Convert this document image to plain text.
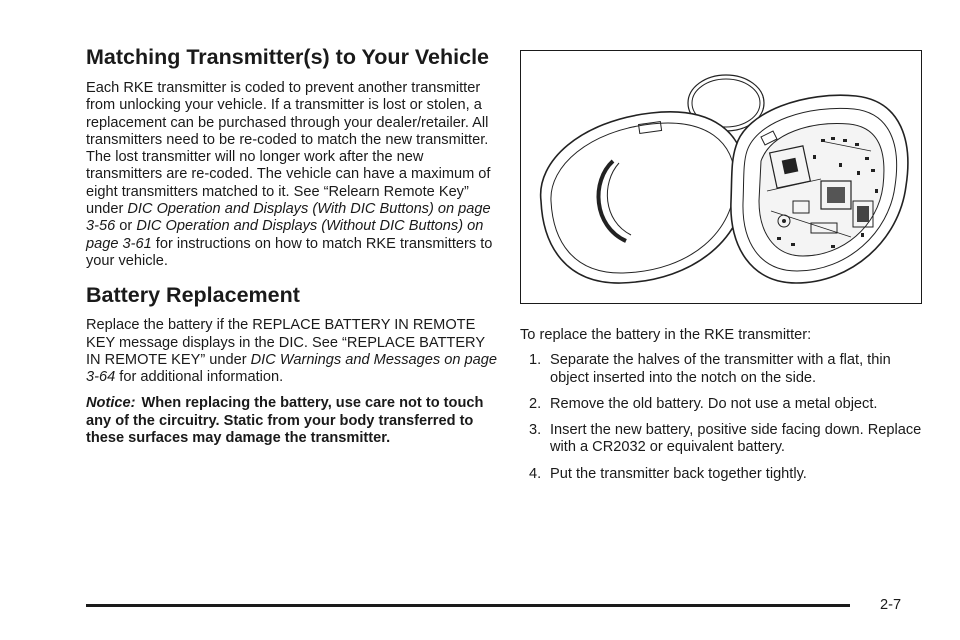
Matching Transmitter(s) to Your Vehicle

Each RKE transmitter is coded to prevent another transmitter from unlocking your vehicle. If a transmitter is lost or stolen, a replacement can be purchased through your dealer/retailer. All transmitters need to be re-coded to match the new transmitter. The lost transmitter will no longer work after the new transmitters are re-coded. The vehicle can have a maximum of eight transmitters matched to it. See “Relearn Remote Key” under DIC Operation and Displays (With DIC Buttons) on page 3-56 or DIC Operation and Displays (Without DIC Buttons) on page 3-61 for instructions on how to match RKE transmitters to your vehicle.

Battery Replacement

Replace the battery if the REPLACE BATTERY IN REMOTE KEY message displays in the DIC. See “REPLACE BATTERY IN REMOTE KEY” under DIC Warnings and Messages on page 3-64 for additional information.

Notice: When replacing the battery, use care not to touch any of the circuitry. Static from your body transferred to these surfaces may damage the transmitter.

To replace the battery in the RKE transmitter:

1. Separate the halves of the transmitter with a flat, thin object inserted into the notch on the side.
2. Remove the old battery. Do not use a metal object.
3. Insert the new battery, positive side facing down. Replace with a CR2032 or equivalent battery.
4. Put the transmitter back together tightly.
2-7
